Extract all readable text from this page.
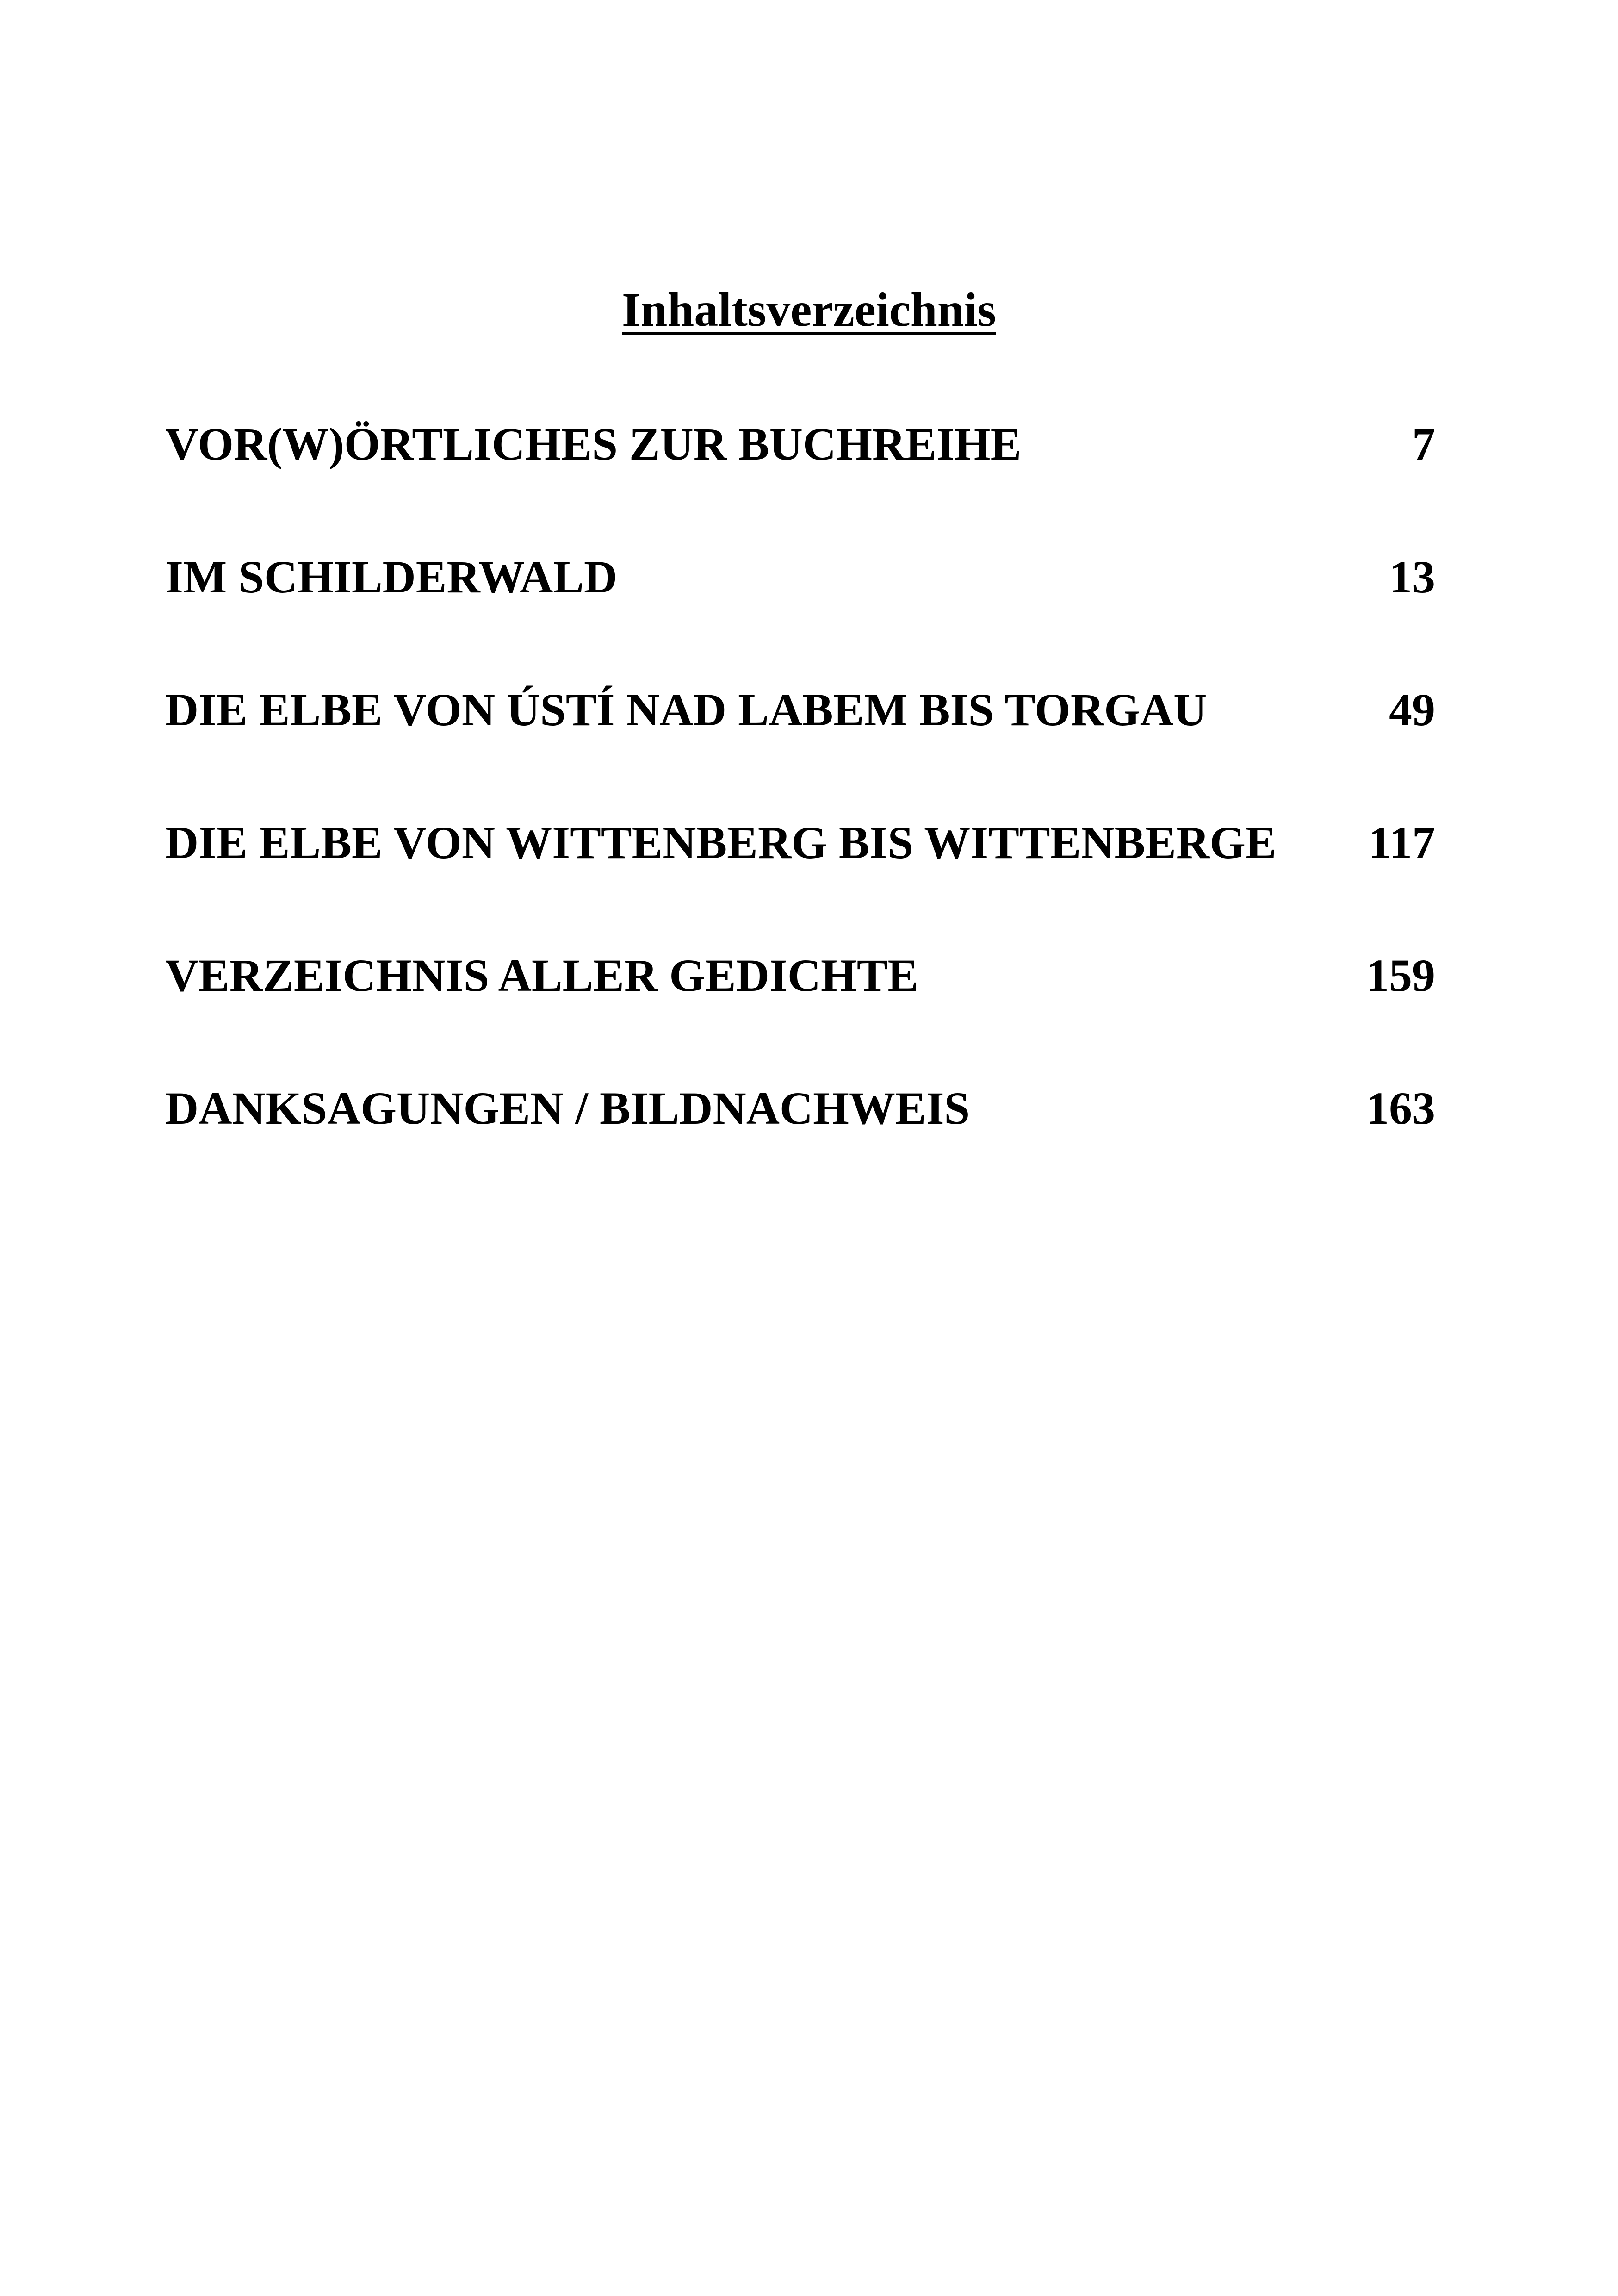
Inhaltsverzeichnis
VOR(W)ÖRTLICHES ZUR BUCHREIHE	7
IM SCHILDERWALD	13
DIE ELBE VON ÚSTÍ NAD LABEM BIS TORGAU	49
DIE ELBE VON WITTENBERG BIS WITTENBERGE	117
VERZEICHNIS ALLER GEDICHTE	159
DANKSAGUNGEN / BILDNACHWEIS	163
